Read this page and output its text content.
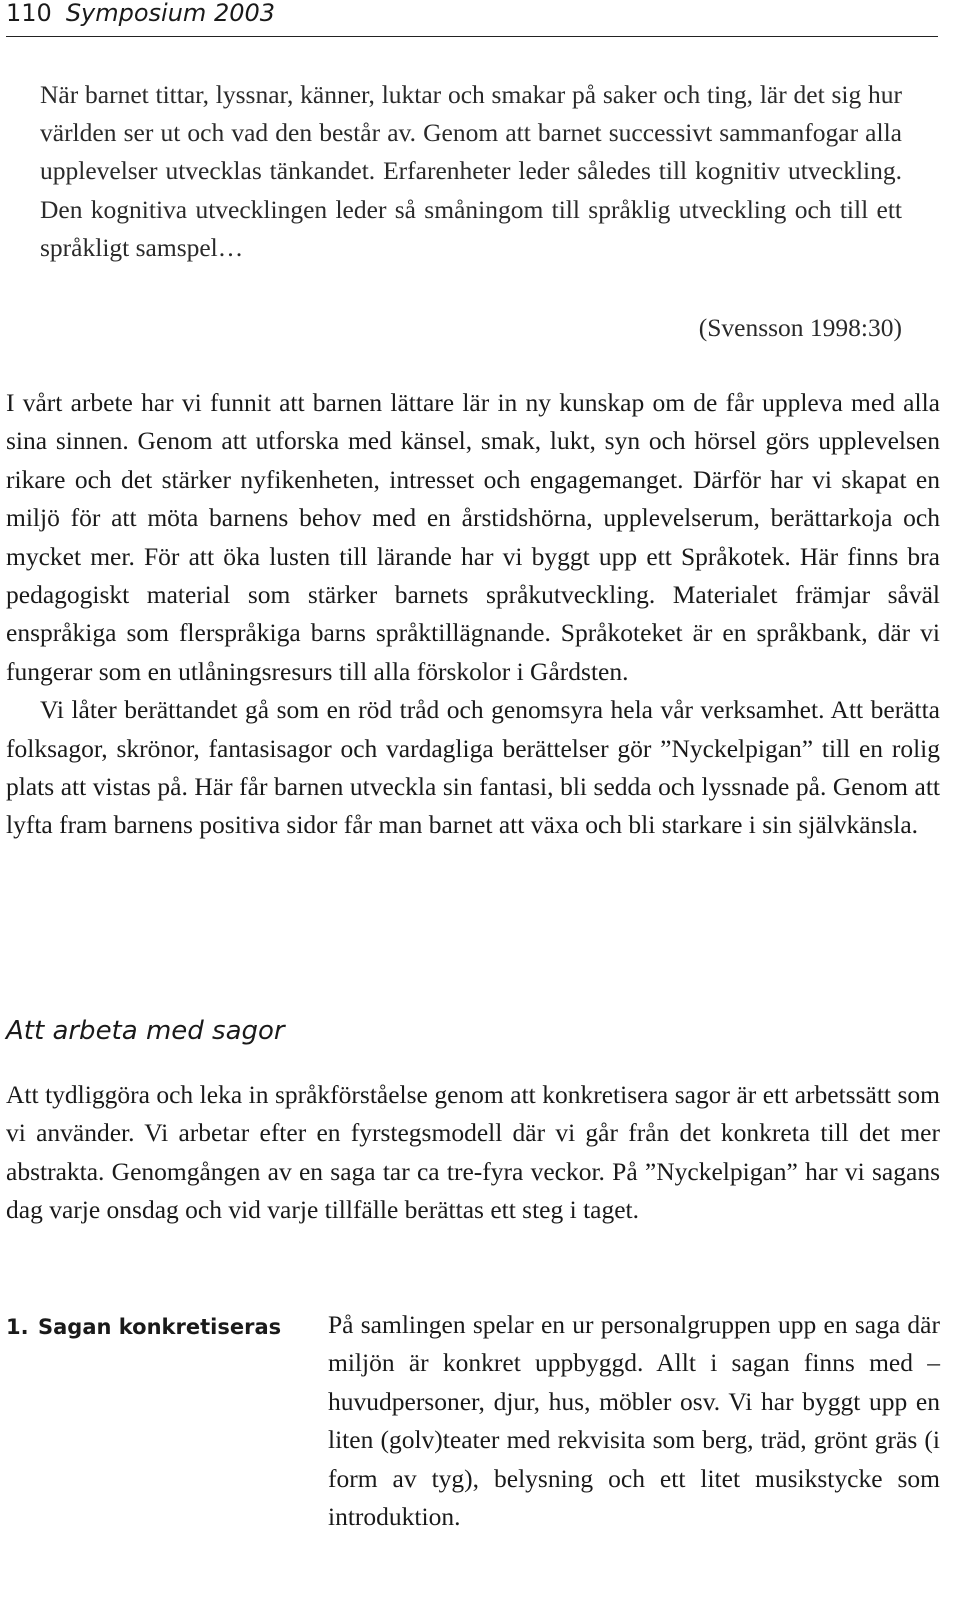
110 Symposium 2003
När barnet tittar, lyssnar, känner, luktar och smakar på saker och ting, lär det sig hur världen ser ut och vad den består av. Genom att barnet successivt sammanfogar alla upplevelser utvecklas tänkandet. Erfarenheter leder således till kognitiv utveckling. Den kognitiva utvecklingen leder så småningom till språklig utveckling och till ett språkligt samspel…
(Svensson 1998:30)

I vårt arbete har vi funnit att barnen lättare lär in ny kunskap om de får uppleva med alla sina sinnen. Genom att utforska med känsel, smak, lukt, syn och hörsel görs upplevelsen rikare och det stärker nyfikenheten, intresset och engagemanget. Därför har vi skapat en miljö för att möta barnens behov med en årstidshörna, upplevelserum, berättarkoja och mycket mer. För att öka lusten till lärande har vi byggt upp ett Språkotek. Här finns bra pedagogiskt material som stärker barnets språkutveckling. Materialet främjar såväl enspråkiga som flerspråkiga barns språktillägnande. Språkoteket är en språkbank, där vi fungerar som en utlåningsresurs till alla förskolor i Gårdsten.

Vi låter berättandet gå som en röd tråd och genomsyra hela vår verksamhet. Att berätta folksagor, skrönor, fantasisagor och vardagliga berättelser gör ”Nyckelpigan” till en rolig plats att vistas på. Här får barnen utveckla sin fantasi, bli sedda och lyssnade på. Genom att lyfta fram barnens positiva sidor får man barnet att växa och bli starkare i sin självkänsla.

Att arbeta med sagor

Att tydliggöra och leka in språkförståelse genom att konkretisera sagor är ett arbetssätt som vi använder. Vi arbetar efter en fyrstegsmodell där vi går från det konkreta till det mer abstrakta. Genomgången av en saga tar ca tre-fyra veckor. På ”Nyckelpigan” har vi sagans dag varje onsdag och vid varje tillfälle berättas ett steg i taget.

1. Sagan konkretiseras På samlingen spelar en ur personalgruppen upp en saga där miljön är konkret uppbyggd. Allt i sagan finns med – huvudpersoner, djur, hus, möbler osv. Vi har byggt upp en liten (golv)teater med rekvisita som berg, träd, grönt gräs (i form av tyg), belysning och ett litet musikstycke som introduktion.
